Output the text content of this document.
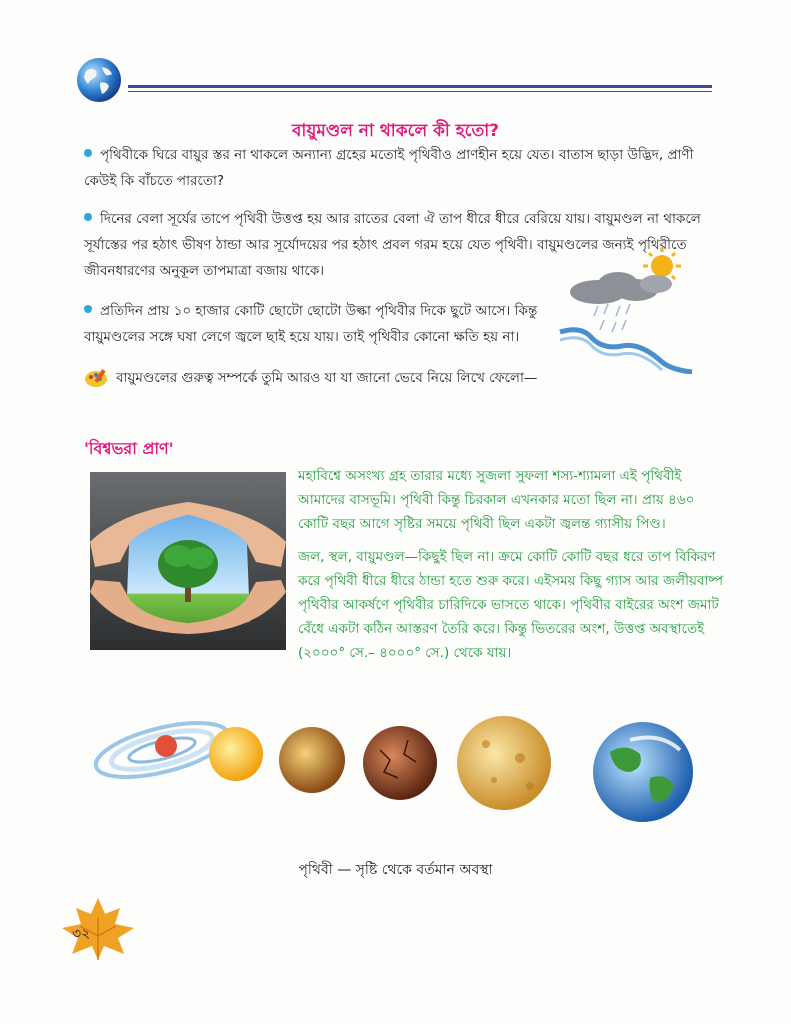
বায়ুমণ্ডল না থাকলে কী হতো?
পৃথিবীকে ঘিরে বায়ুর স্তর না থাকলে অন্যান্য গ্রহের মতোই পৃথিবীও প্রাণহীন হয়ে যেত। বাতাস ছাড়া উদ্ভিদ, প্রাণী কেউই কি বাঁচতে পারতো?
দিনের বেলা সূর্যের তাপে পৃথিবী উত্তপ্ত হয় আর রাতের বেলা ঐ তাপ ধীরে ধীরে বেরিয়ে যায়। বায়ুমণ্ডল না থাকলে সূর্যাস্তের পর হঠাৎ ভীষণ ঠান্ডা আর সূর্যোদয়ের পর হঠাৎ প্রবল গরম হয়ে যেত পৃথিবী। বায়ুমণ্ডলের জন্যই পৃথিবীতে জীবনধারণের অনুকূল তাপমাত্রা বজায় থাকে।
প্রতিদিন প্রায় ১০ হাজার কোটি ছোটো ছোটো উল্কা পৃথিবীর দিকে ছুটে আসে। কিন্তু বায়ুমণ্ডলের সঙ্গে ঘষা লেগে জ্বলে ছাই হয়ে যায়। তাই পৃথিবীর কোনো ক্ষতি হয় না।
বায়ুমণ্ডলের গুরুত্ব সম্পর্কে তুমি আরও যা যা জানো ভেবে নিয়ে লিখে ফেলো—
'বিশ্বভরা প্রাণ'
মহাবিশ্বে অসংখ্য গ্রহ তারার মধ্যে সুজলা সুফলা শস্য-শ্যামলা এই পৃথিবীই আমাদের বাসভূমি। পৃথিবী কিন্তু চিরকাল এখনকার মতো ছিল না। প্রায় ৪৬০ কোটি বছর আগে সৃষ্টির সময়ে পৃথিবী ছিল একটা জ্বলন্ত গ্যাসীয় পিণ্ড।
জল, স্থল, বায়ুমণ্ডল—কিছুই ছিল না। ক্রমে কোটি কোটি বছর ধরে তাপ বিকিরণ করে পৃথিবী ধীরে ধীরে ঠান্ডা হতে শুরু করে। এইসময় কিছু গ্যাস আর জলীয়বাষ্প পৃথিবীর আকর্ষণে পৃথিবীর চারিদিকে ভাসতে থাকে। পৃথিবীর বাইরের অংশ জমাট বেঁধে একটা কঠিন আস্তরণ তৈরি করে। কিন্তু ভিতরের অংশ, উত্তপ্ত অবস্থাতেই (২০০০° সে.– ৪০০০° সে.) থেকে যায়।
পৃথিবী — সৃষ্টি থেকে বর্তমান অবস্থা
৩২
